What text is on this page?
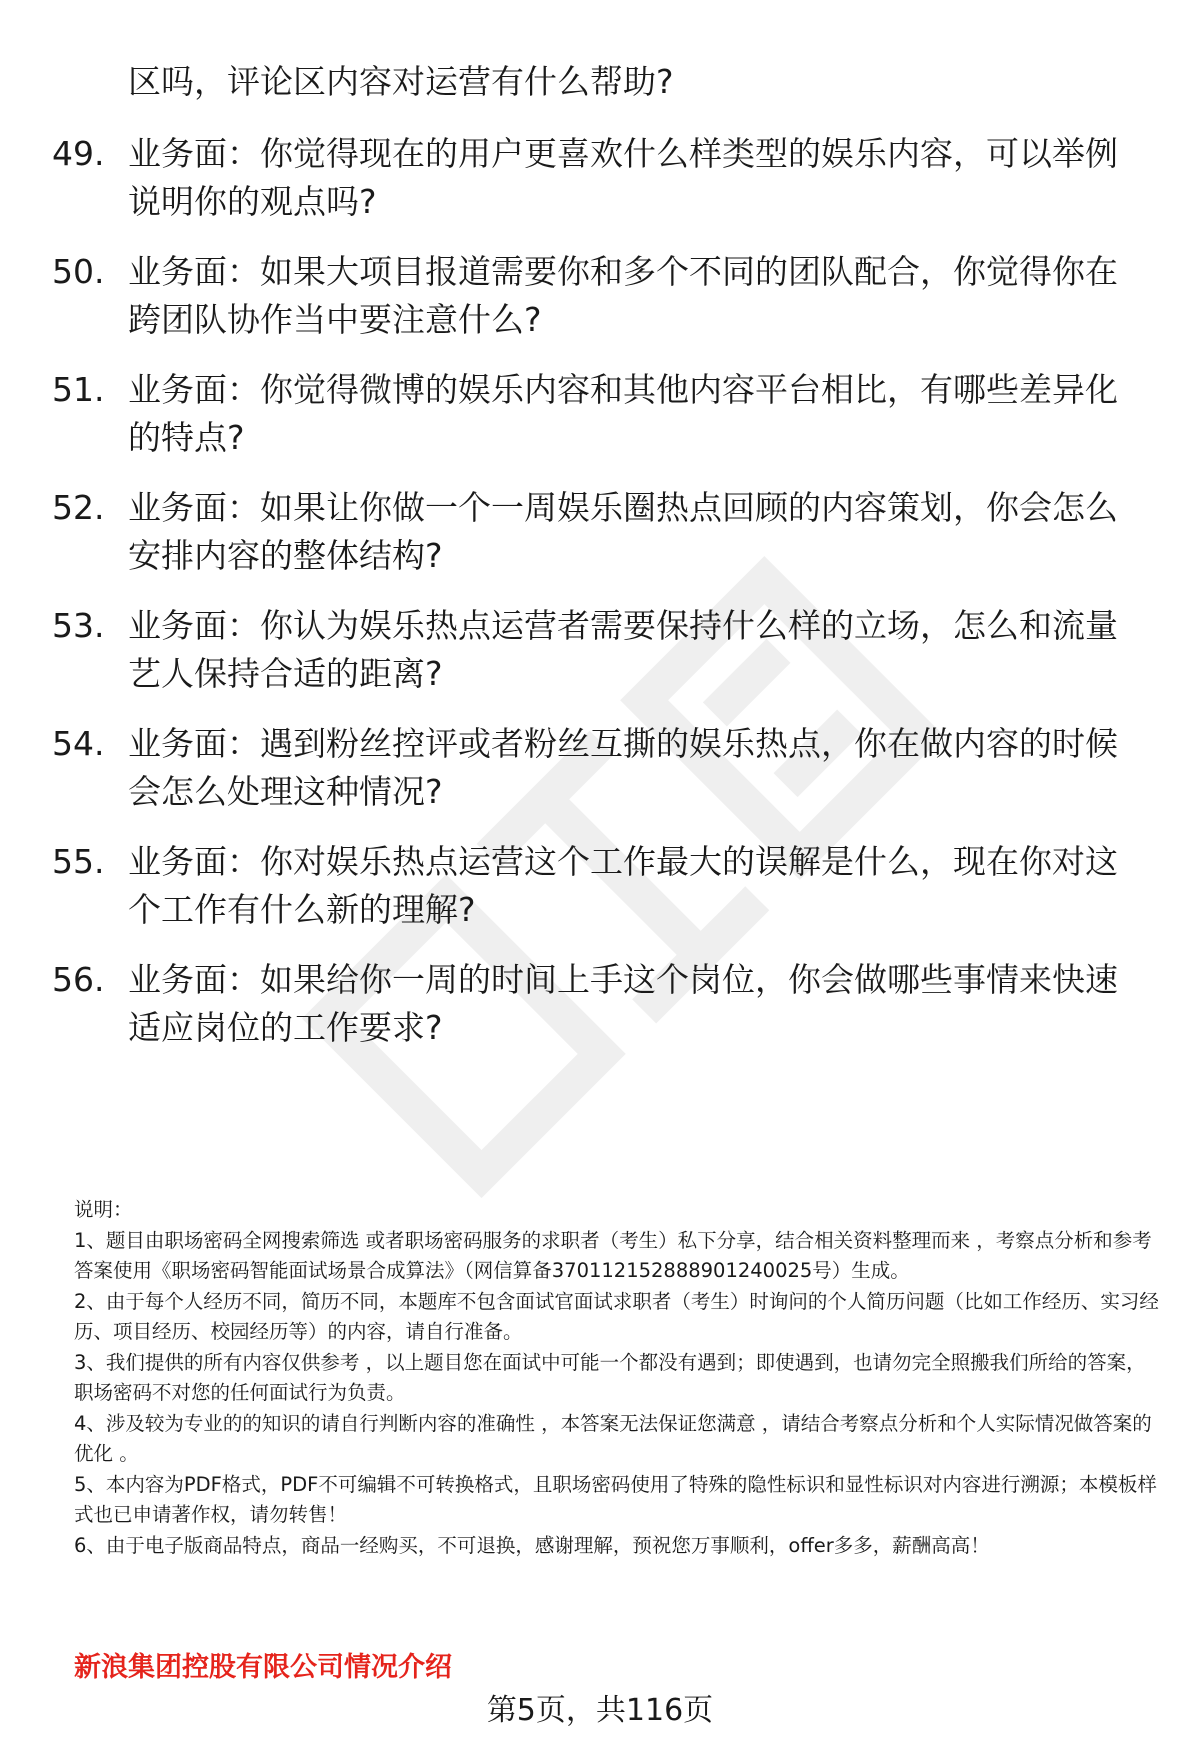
区吗，评论区内容对运营有什么帮助?
49. 业务面：你觉得现在的用户更喜欢什么样类型的娱乐内容，可以举例说明你的观点吗?
50. 业务面：如果大项目报道需要你和多个不同的团队配合，你觉得你在跨团队协作当中要注意什么?
51. 业务面：你觉得微博的娱乐内容和其他内容平台相比，有哪些差异化的特点?
52. 业务面：如果让你做一个一周娱乐圈热点回顾的内容策划，你会怎么安排内容的整体结构?
53. 业务面：你认为娱乐热点运营者需要保持什么样的立场，怎么和流量艺人保持合适的距离?
54. 业务面：遇到粉丝控评或者粉丝互撕的娱乐热点，你在做内容的时候会怎么处理这种情况?
55. 业务面：你对娱乐热点运营这个工作最大的误解是什么，现在你对这个工作有什么新的理解?
56. 业务面：如果给你一周的时间上手这个岗位，你会做哪些事情来快速适应岗位的工作要求?

说明：

1、题目由职场密码全网搜索筛选 或者职场密码服务的求职者（考生）私下分享，结合相关资料整理而来 ，考察点分析和参考答案使用《职场密码智能面试场景合成算法》（网信算备370112152888901240025号）生成。

2、由于每个人经历不同，简历不同，本题库不包含面试官面试求职者（考生）时询问的个人简历问题（比如工作经历、实习经历、项目经历、校园经历等）的内容，请自行准备。

3、我们提供的所有内容仅供参考 ，以上题目您在面试中可能一个都没有遇到；即使遇到，也请勿完全照搬我们所给的答案，职场密码不对您的任何面试行为负责。

4、涉及较为专业的的知识的请自行判断内容的准确性 ，本答案无法保证您满意 ，请结合考察点分析和个人实际情况做答案的优化 。

5、本内容为PDF格式，PDF不可编辑不可转换格式，且职场密码使用了特殊的隐性标识和显性标识对内容进行溯源；本模板样式也已申请著作权，请勿转售！

6、由于电子版商品特点，商品一经购买，不可退换，感谢理解，预祝您万事顺利，offer多多，薪酬高高！

新浪集团控股有限公司情况介绍
第5页，共116页
